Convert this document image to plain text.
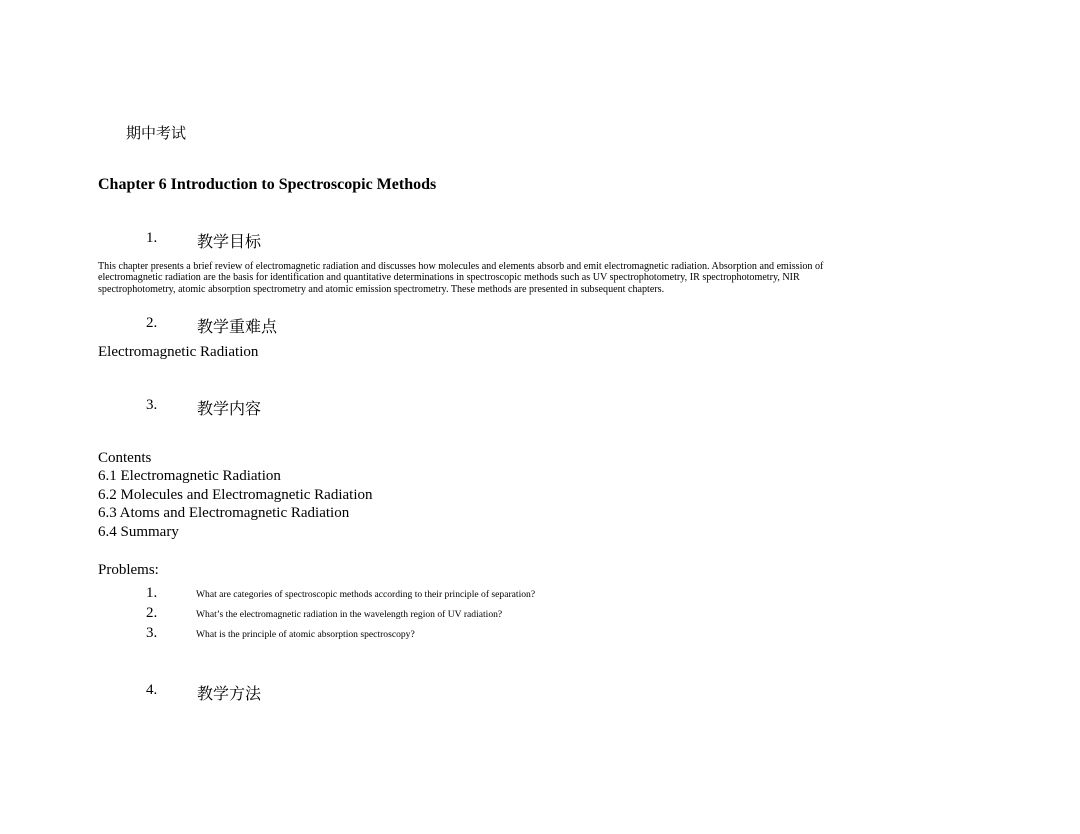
期中考试
Chapter 6 Introduction to Spectroscopic Methods
1. 教学目标

This chapter presents a brief review of electromagnetic radiation and discusses how molecules and elements absorb and emit electromagnetic radiation. Absorption and emission of
electromagnetic radiation are the basis for identification and quantitative determinations in spectroscopic methods such as UV spectrophotometry, IR spectrophotometry, NIR
spectrophotometry, atomic absorption spectrometry and atomic emission spectrometry. These methods are presented in subsequent chapters.

2. 教学重难点
Electromagnetic Radiation
3. 教学内容
Contents
6.1 Electromagnetic Radiation
6.2 Molecules and Electromagnetic Radiation
6.3 Atoms and Electromagnetic Radiation
6.4 Summary
Problems:
1.	What are categories of spectroscopic methods according to their principle of separation?
2.	What’s the electromagnetic radiation in the wavelength region of UV radiation?
3.	What is the principle of atomic absorption spectroscopy?
4. 教学方法
